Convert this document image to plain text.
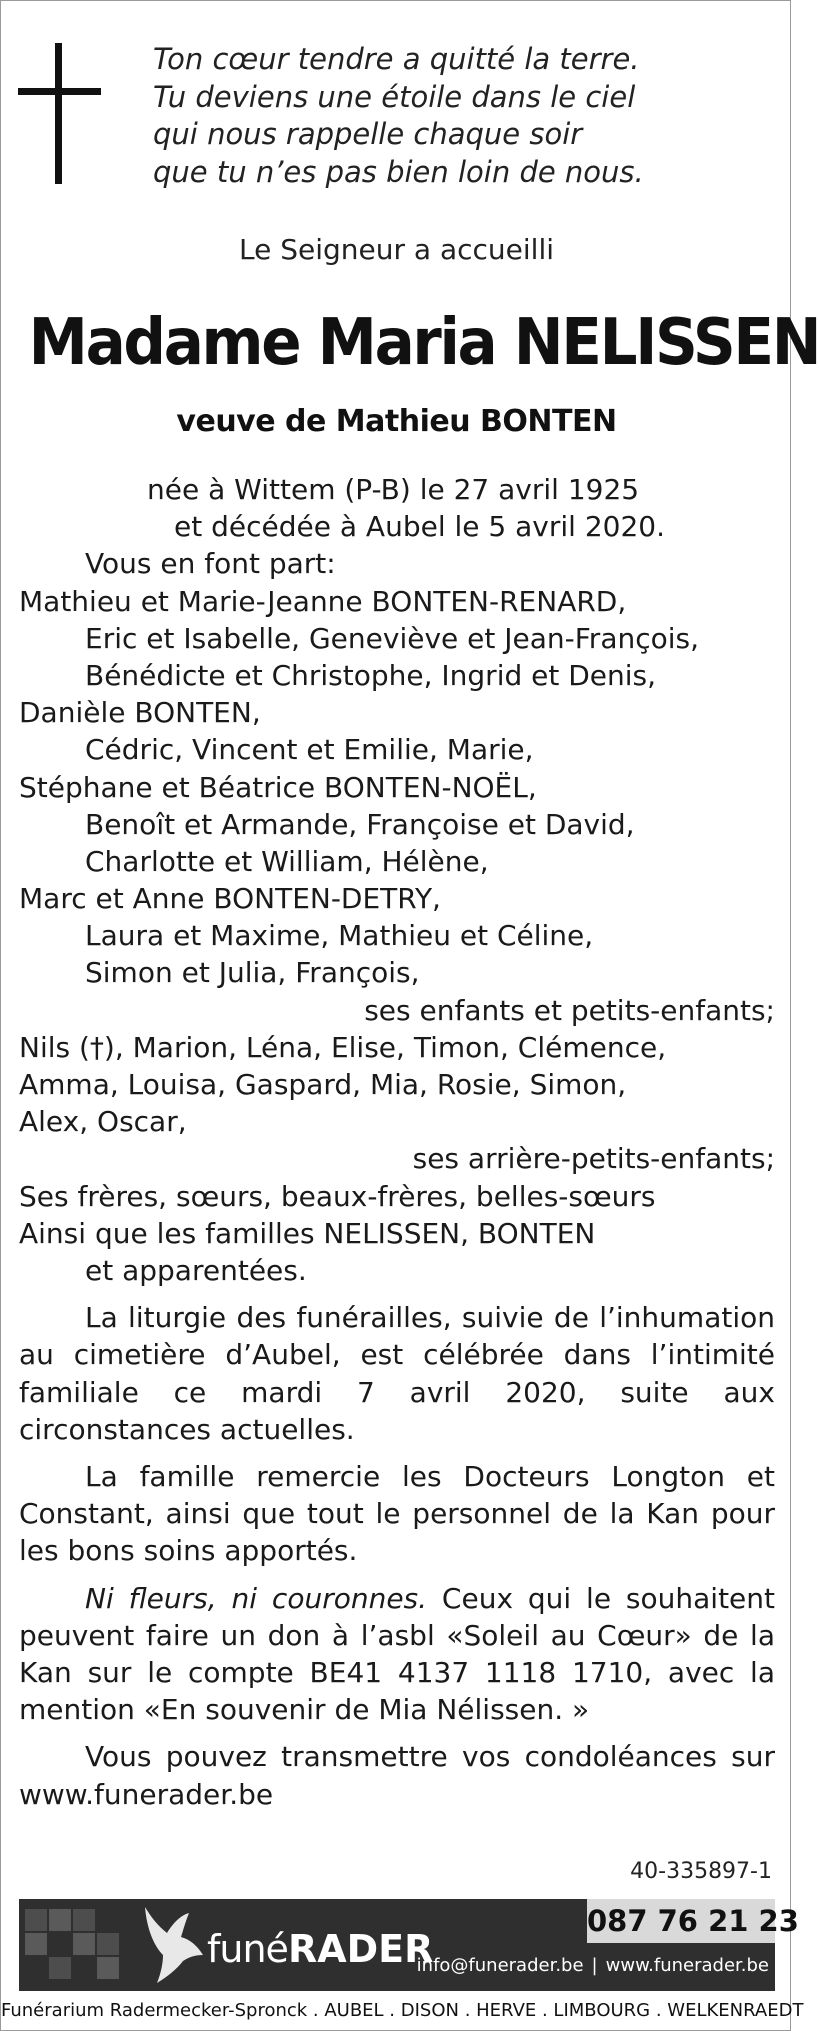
Ton cœur tendre a quitté la terre.
Tu deviens une étoile dans le ciel
qui nous rappelle chaque soir
que tu n’es pas bien loin de nous.
Le Seigneur a accueilli
Madame Maria NELISSEN
veuve de Mathieu BONTEN
née à Wittem (P-B) le 27 avril 1925
et décédée à Aubel le 5 avril 2020.
Vous en font part:
Mathieu et Marie-Jeanne BONTEN-RENARD,
Eric et Isabelle, Geneviève et Jean-François,
Bénédicte et Christophe, Ingrid et Denis,
Danièle BONTEN,
Cédric, Vincent et Emilie, Marie,
Stéphane et Béatrice BONTEN-NOËL,
Benoît et Armande, Françoise et David,
Charlotte et William, Hélène,
Marc et Anne BONTEN-DETRY,
Laura et Maxime, Mathieu et Céline,
Simon et Julia, François,
ses enfants et petits-enfants;
Nils (†), Marion, Léna, Elise, Timon, Clémence,
Amma, Louisa, Gaspard, Mia, Rosie, Simon,
Alex, Oscar,
ses arrière-petits-enfants;
Ses frères, sœurs, beaux-frères, belles-sœurs
Ainsi que les familles NELISSEN, BONTEN
et apparentées.
La liturgie des funérailles, suivie de l’inhumation au cimetière d’Aubel, est célébrée dans l’intimité familiale ce mardi 7 avril 2020, suite aux circonstances actuelles.
La famille remercie les Docteurs Longton et Constant, ainsi que tout le personnel de la Kan pour les bons soins apportés.
Ni fleurs, ni couronnes. Ceux qui le souhaitent peuvent faire un don à l’asbl «Soleil au Cœur» de la Kan sur le compte BE41 4137 1118 1710, avec la mention «En souvenir de Mia Nélissen. »
Vous pouvez transmettre vos condoléances sur www.funerader.be
40-335897-1
funéRADER
087 76 21 23
info@funerader.be | www.funerader.be
Funérarium Radermecker-Spronck . AUBEL . DISON . HERVE . LIMBOURG . WELKENRAEDT
